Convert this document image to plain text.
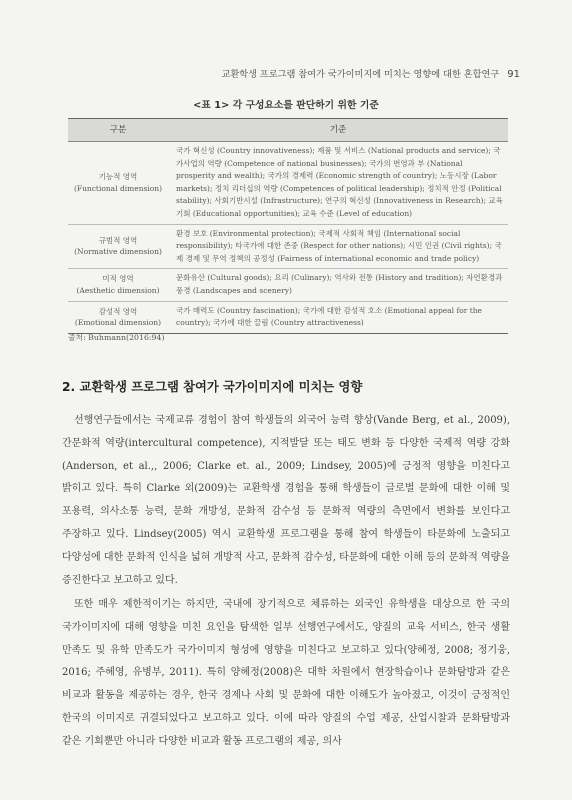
교환학생 프로그램 참여가 국가이미지에 미치는 영향에 대한 혼합연구 91
<표 1> 각 구성요소를 판단하기 위한 기준
구분	기준

기능적 영역
(Functional dimension)	국가 혁신성 (Country innovativeness); 제품 및 서비스 (National products and service); 국가사업의 역량 (Competence of national businesses); 국가의 번영과 부 (National prosperity and wealth); 국가의 경제력 (Economic strength of country); 노동시장 (Labor markets); 정치 리더십의 역량 (Competences of political leadership); 정치적 안정 (Political stability); 사회기반시설 (Infrastructure); 연구의 혁신성 (Innovativeness in Research); 교육 기회 (Educational opportunities); 교육 수준 (Level of education)

규범적 영역
(Normative dimension)	환경 보호 (Environmental protection); 국제적 사회적 책임 (International social responsibility); 타국가에 대한 존중 (Respect for other nations); 시민 인권 (Civil rights); 국제 경제 및 무역 정책의 공정성 (Fairness of international economic and trade policy)

미적 영역
(Aesthetic dimension)	문화유산 (Cultural goods); 요리 (Culinary); 역사와 전통 (History and tradition); 자연환경과 풍경 (Landscapes and scenery)

감성적 영역
(Emotional dimension)	국가 매력도 (Country fascination); 국가에 대한 감성적 호소 (Emotional appeal for the country); 국가에 대한 끌림 (Country attractiveness)
출처: Buhmann(2016:94)
2. 교환학생 프로그램 참여가 국가이미지에 미치는 영향

선행연구들에서는 국제교류 경험이 참여 학생들의 외국어 능력 향상(Vande Berg, et al., 2009), 간문화적 역량(intercultural competence), 지적발달 또는 태도 변화 등 다양한 국제적 역량 강화(Anderson, et al.,, 2006; Clarke et. al., 2009; Lindsey, 2005)에 긍정적 영향을 미친다고 밝히고 있다. 특히 Clarke 외(2009)는 교환학생 경험을 통해 학생들이 글로벌 문화에 대한 이해 및 포용력, 의사소통 능력, 문화 개방성, 문화적 감수성 등 문화적 역량의 측면에서 변화를 보인다고 주장하고 있다. Lindsey(2005) 역시 교환학생 프로그램을 통해 참여 학생들이 타문화에 노출되고 다양성에 대한 문화적 인식을 넓혀 개방적 사고, 문화적 감수성, 타문화에 대한 이해 등의 문화적 역량을 증진한다고 보고하고 있다.

또한 매우 제한적이기는 하지만, 국내에 장기적으로 체류하는 외국인 유학생을 대상으로 한 국의 국가이미지에 대해 영향을 미친 요인을 탐색한 일부 선행연구에서도, 양질의 교육 서비스, 한국 생활 만족도 및 유학 만족도가 국가이미지 형성에 영향을 미친다고 보고하고 있다(양혜정, 2008; 정기웅, 2016; 주혜영, 유병부, 2011). 특히 양혜정(2008)은 대학 차원에서 현장학습이나 문화탐방과 같은 비교과 활동을 제공하는 경우, 한국 경제나 사회 및 문화에 대한 이해도가 높아졌고, 이것이 긍정적인 한국의 이미지로 귀결되었다고 보고하고 있다. 이에 따라 양질의 수업 제공, 산업시찰과 문화탐방과 같은 기회뿐만 아니라 다양한 비교과 활동 프로그램의 제공, 의사
